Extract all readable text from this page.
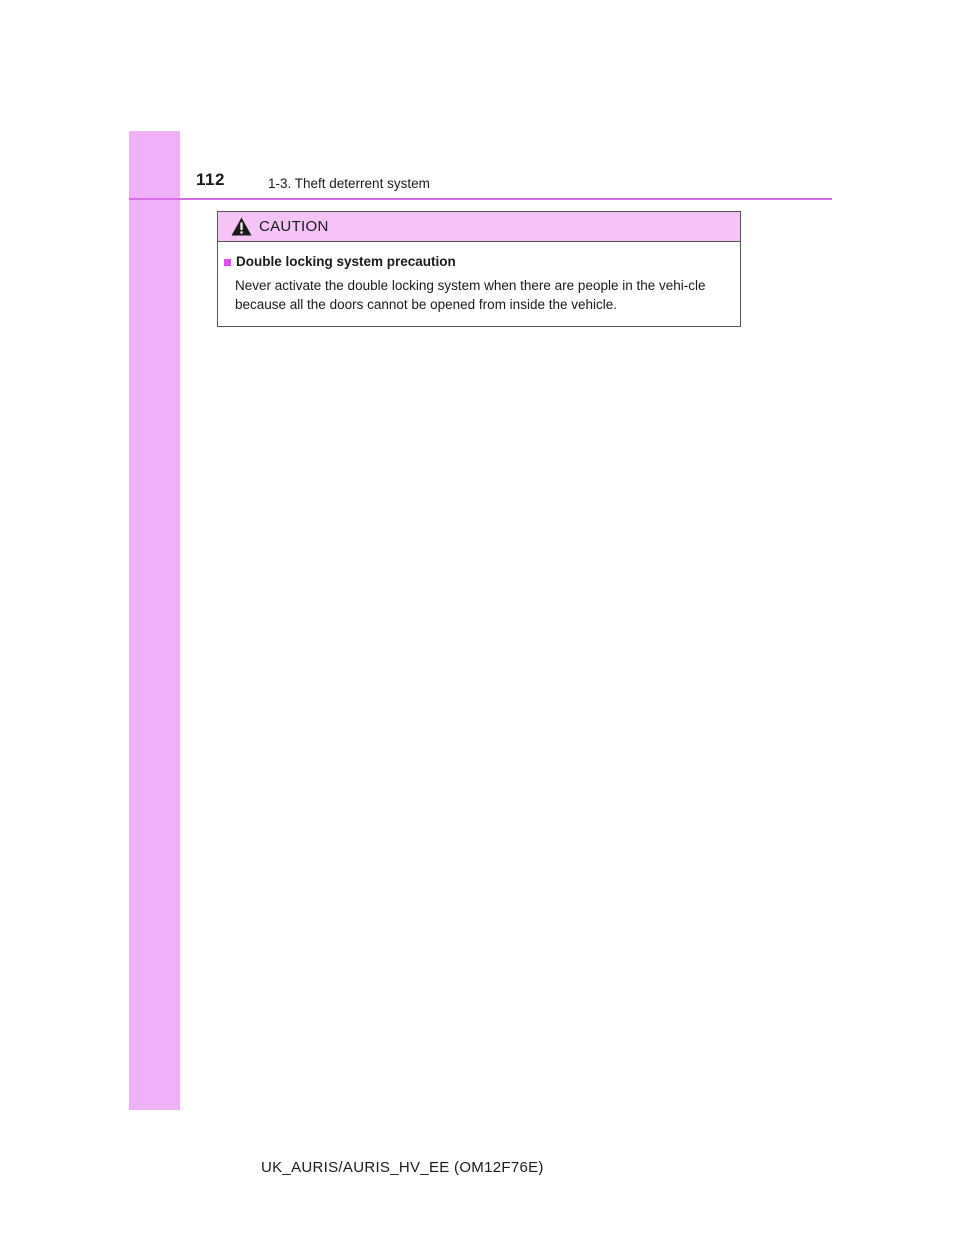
112	1-3. Theft deterrent system
CAUTION
Double locking system precaution
Never activate the double locking system when there are people in the vehi-cle because all the doors cannot be opened from inside the vehicle.
UK_AURIS/AURIS_HV_EE (OM12F76E)
